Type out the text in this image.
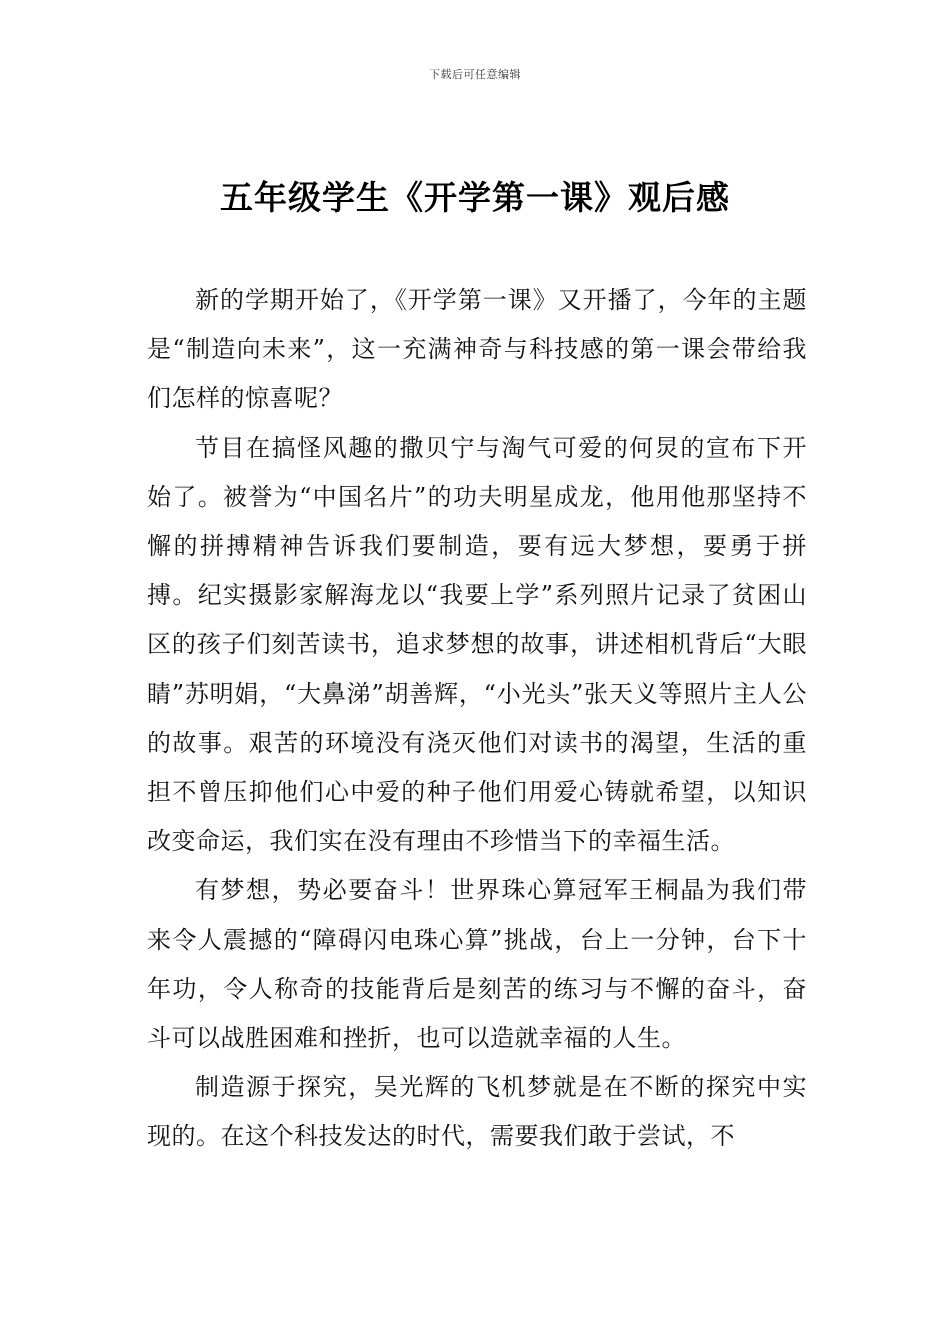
下载后可任意编辑
五年级学生《开学第一课》观后感

新的学期开始了，《开学第一课》又开播了，今年的主题是“制造向未来”，这一充满神奇与科技感的第一课会带给我们怎样的惊喜呢？

节目在搞怪风趣的撒贝宁与淘气可爱的何炅的宣布下开始了。被誉为“中国名片”的功夫明星成龙，他用他那坚持不懈的拼搏精神告诉我们要制造，要有远大梦想，要勇于拼搏。纪实摄影家解海龙以“我要上学”系列照片记录了贫困山区的孩子们刻苦读书，追求梦想的故事，讲述相机背后“大眼睛”苏明娟，“大鼻涕”胡善辉，“小光头”张天义等照片主人公的故事。艰苦的环境没有浇灭他们对读书的渴望，生活的重担不曾压抑他们心中爱的种子他们用爱心铸就希望，以知识改变命运，我们实在没有理由不珍惜当下的幸福生活。

有梦想，势必要奋斗！世界珠心算冠军王桐晶为我们带来令人震撼的“障碍闪电珠心算”挑战，台上一分钟，台下十年功，令人称奇的技能背后是刻苦的练习与不懈的奋斗，奋斗可以战胜困难和挫折，也可以造就幸福的人生。

制造源于探究，吴光辉的飞机梦就是在不断的探究中实现的。在这个科技发达的时代，需要我们敢于尝试，不
